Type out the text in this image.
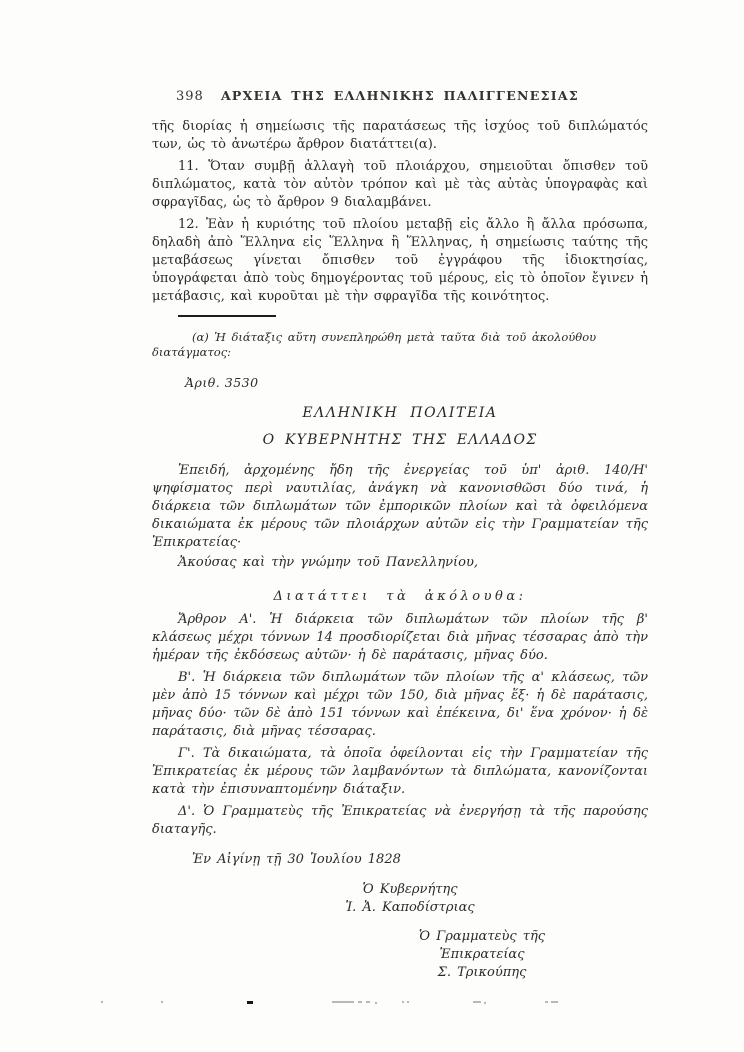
398	ΑΡΧΕΙΑ ΤΗΣ ΕΛΛΗΝΙΚΗΣ ΠΑΛΙΓΓΕΝΕΣΙΑΣ

τῆς διορίας ἡ σημείωσις τῆς παρατάσεως τῆς ἰσχύος τοῦ διπλώματός των, ὡς τὸ ἀνωτέρω ἄρθρον διατάττει(α).

11. Ὅταν συμβῇ ἀλλαγὴ τοῦ πλοιάρχου, σημειοῦται ὄπισθεν τοῦ διπλώματος, κατὰ τὸν αὐτὸν τρόπον καὶ μὲ τὰς αὐτὰς ὑπογραφὰς καὶ σφραγῖδας, ὡς τὸ ἄρθρον 9 διαλαμβάνει.

12. Ἐὰν ἡ κυριότης τοῦ πλοίου μεταβῇ εἰς ἄλλο ἢ ἄλλα πρόσωπα, δηλαδὴ ἀπὸ Ἕλληνα εἰς Ἕλληνα ἢ Ἕλληνας, ἡ σημείωσις ταύτης τῆς μεταβάσεως γίνεται ὄπισθεν τοῦ ἐγγράφου τῆς ἰδιοκτησίας, ὑπογράφεται ἀπὸ τοὺς δημογέροντας τοῦ μέρους, εἰς τὸ ὁποῖον ἔγινεν ἡ μετάβασις, καὶ κυροῦται μὲ τὴν σφραγῖδα τῆς κοινότητος.

(α) Ἡ διάταξις αὕτη συνεπληρώθη μετὰ ταῦτα διὰ τοῦ ἀκολούθου διατάγματος:

Ἀριθ. 3530

ΕΛΛΗΝΙΚΗ ΠΟΛΙΤΕΙΑ

Ο ΚΥΒΕΡΝΗΤΗΣ ΤΗΣ ΕΛΛΑΔΟΣ

Ἐπειδή, ἀρχομένης ἤδη τῆς ἐνεργείας τοῦ ὑπ' ἀριθ. 140/Η' ψηφίσματος περὶ ναυτιλίας, ἀνάγκη νὰ κανονισθῶσι δύο τινά, ἡ διάρκεια τῶν διπλωμάτων τῶν ἐμπορικῶν πλοίων καὶ τὰ ὀφειλόμενα δικαιώματα ἐκ μέρους τῶν πλοιάρχων αὐτῶν εἰς τὴν Γραμματείαν τῆς Ἐπικρατείας·

Ἀκούσας καὶ τὴν γνώμην τοῦ Πανελληνίου,

Διατάττει τὰ ἀκόλουθα:

Ἄρθρον Α'. Ἡ διάρκεια τῶν διπλωμάτων τῶν πλοίων τῆς β' κλάσεως μέχρι τόννων 14 προσδιορίζεται διὰ μῆνας τέσσαρας ἀπὸ τὴν ἡμέραν τῆς ἐκδόσεως αὐτῶν· ἡ δὲ παράτασις, μῆνας δύο.

Β'. Ἡ διάρκεια τῶν διπλωμάτων τῶν πλοίων τῆς α' κλάσεως, τῶν μὲν ἀπὸ 15 τόννων καὶ μέχρι τῶν 150, διὰ μῆνας ἕξ· ἡ δὲ παράτασις, μῆνας δύο· τῶν δὲ ἀπὸ 151 τόννων καὶ ἐπέκεινα, δι' ἕνα χρόνον· ἡ δὲ παράτασις, διὰ μῆνας τέσσαρας.

Γ'. Τὰ δικαιώματα, τὰ ὁποῖα ὀφείλονται εἰς τὴν Γραμματείαν τῆς Ἐπικρατείας ἐκ μέρους τῶν λαμβανόντων τὰ διπλώματα, κανονίζονται κατὰ τὴν ἐπισυναπτομένην διάταξιν.

Δ'. Ὁ Γραμματεὺς τῆς Ἐπικρατείας νὰ ἐνεργήσῃ τὰ τῆς παρούσης διαταγῆς.

Ἐν Αἰγίνῃ τῇ 30 Ἰουλίου 1828

Ὁ Κυβερνήτης
Ἰ. Ἀ. Καποδίστριας
Ὁ Γραμματεὺς τῆς Ἐπικρατείας
Σ. Τρικούπης
